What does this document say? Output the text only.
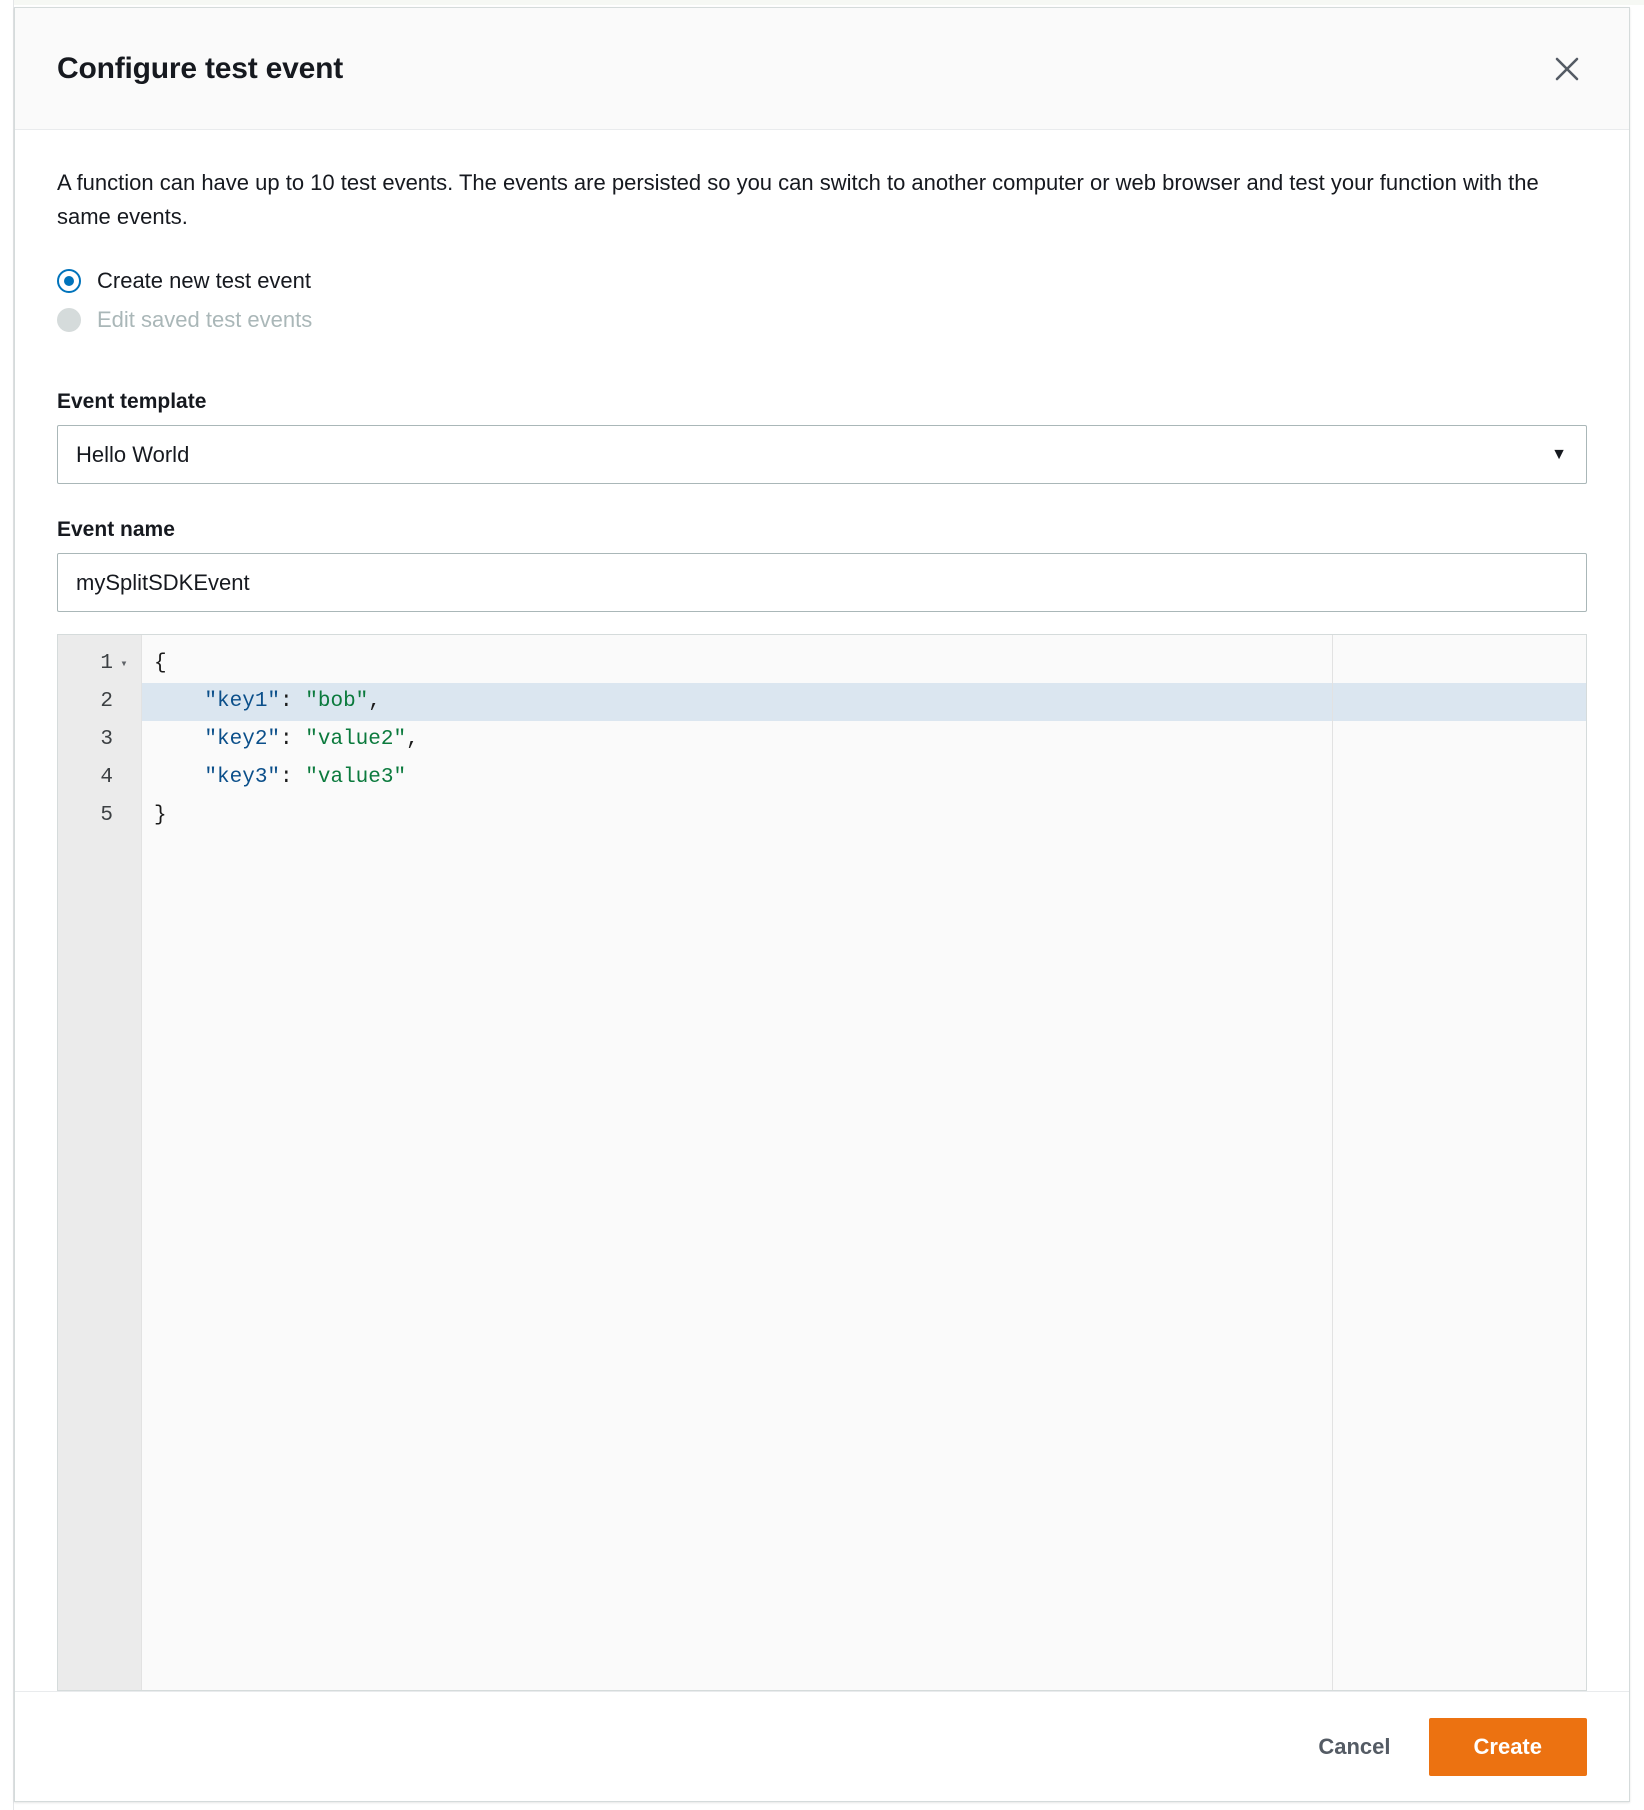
Configure test event

A function can have up to 10 test events. The events are persisted so you can switch to another computer or web browser and test your function with the same events.

Create new test event
Edit saved test events
Event template
Hello World	▼
Event name
mySplitSDKEvent
1 ▾
2
3
4
5
{
"key1": "bob",
"key2": "value2",
"key3": "value3"
}
Cancel	Create
